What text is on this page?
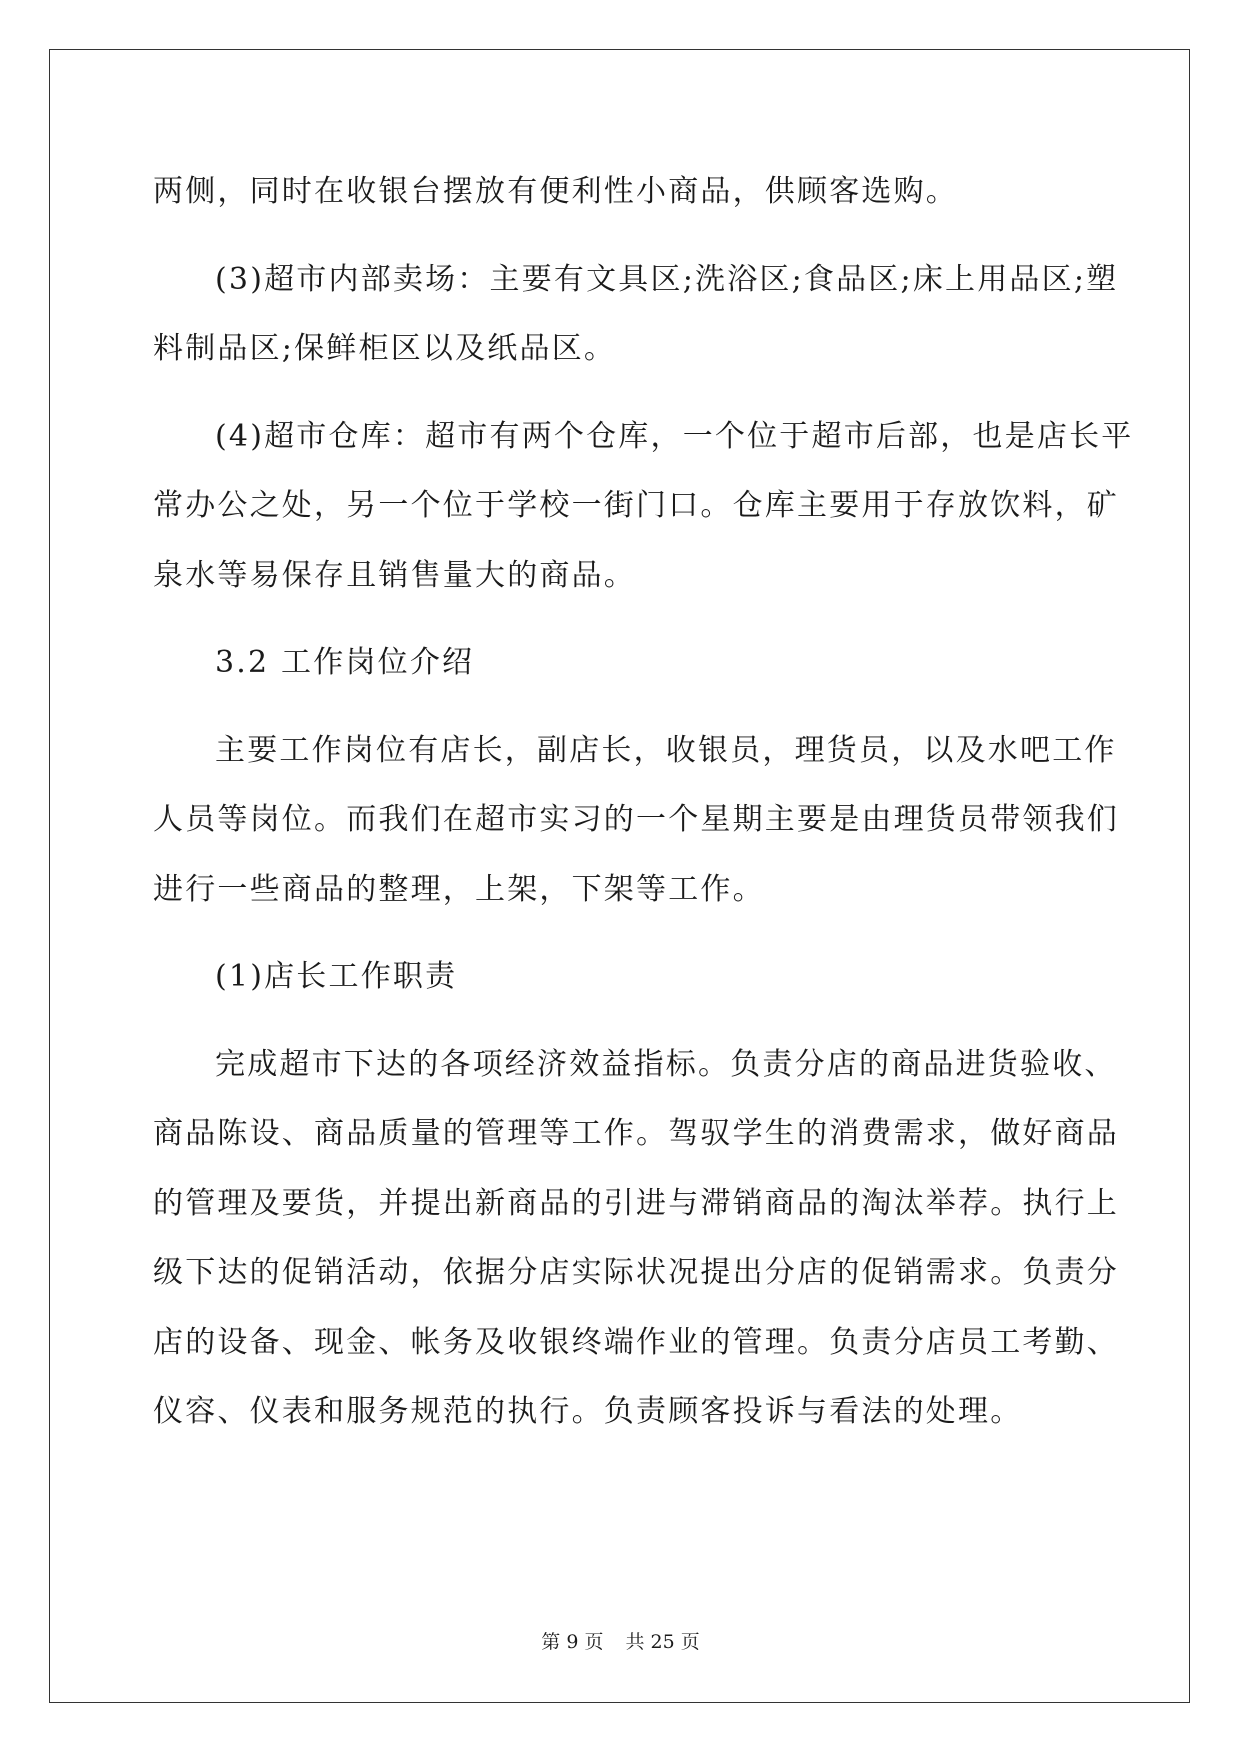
两侧，同时在收银台摆放有便利性小商品，供顾客选购。
(3)超市内部卖场：主要有文具区;洗浴区;食品区;床上用品区;塑
料制品区;保鲜柜区以及纸品区。
(4)超市仓库：超市有两个仓库，一个位于超市后部，也是店长平
常办公之处，另一个位于学校一街门口。仓库主要用于存放饮料，矿
泉水等易保存且销售量大的商品。
3.2 工作岗位介绍
主要工作岗位有店长，副店长，收银员，理货员，以及水吧工作
人员等岗位。而我们在超市实习的一个星期主要是由理货员带领我们
进行一些商品的整理，上架，下架等工作。
(1)店长工作职责
完成超市下达的各项经济效益指标。负责分店的商品进货验收、
商品陈设、商品质量的管理等工作。驾驭学生的消费需求，做好商品
的管理及要货，并提出新商品的引进与滞销商品的淘汰举荐。执行上
级下达的促销活动，依据分店实际状况提出分店的促销需求。负责分
店的设备、现金、帐务及收银终端作业的管理。负责分店员工考勤、
仪容、仪表和服务规范的执行。负责顾客投诉与看法的处理。
第 9 页 共 25 页
